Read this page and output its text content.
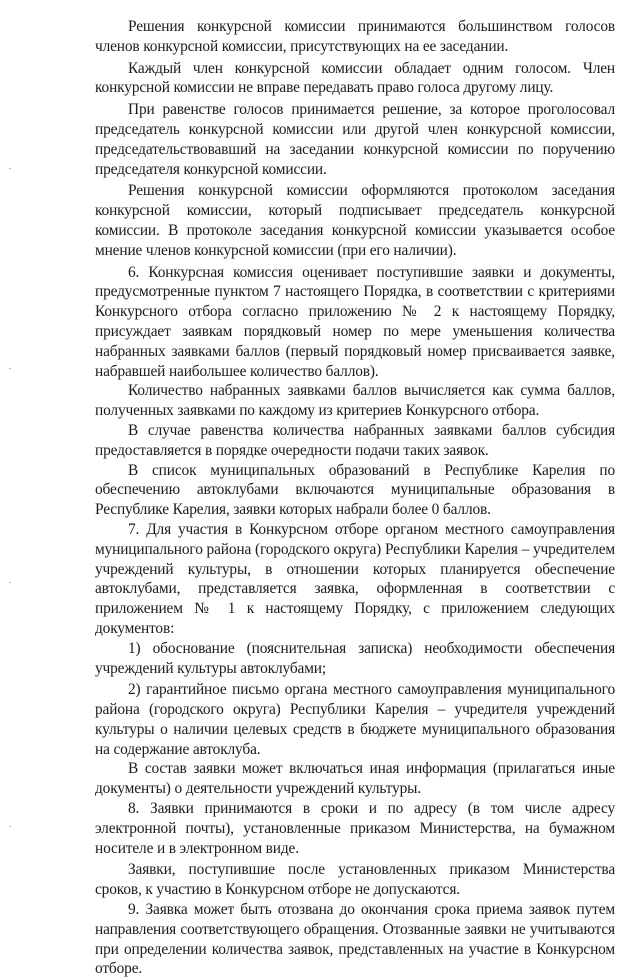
Решения конкурсной комиссии принимаются большинством голосов членов конкурсной комиссии, присутствующих на ее заседании.

Каждый член конкурсной комиссии обладает одним голосом. Член конкурсной комиссии не вправе передавать право голоса другому лицу.

При равенстве голосов принимается решение, за которое проголосовал председатель конкурсной комиссии или другой член конкурсной комиссии, председательствовавший на заседании конкурсной комиссии по поручению председателя конкурсной комиссии.

Решения конкурсной комиссии оформляются протоколом заседания конкурсной комиссии, который подписывает председатель конкурсной комиссии. В протоколе заседания конкурсной комиссии указывается особое мнение членов конкурсной комиссии (при его наличии).

6. Конкурсная комиссия оценивает поступившие заявки и документы, предусмотренные пунктом 7 настоящего Порядка, в соответствии с критериями Конкурсного отбора согласно приложению № 2 к настоящему Порядку, присуждает заявкам порядковый номер по мере уменьшения количества набранных заявками баллов (первый порядковый номер присваивается заявке, набравшей наибольшее количество баллов).

Количество набранных заявками баллов вычисляется как сумма баллов, полученных заявками по каждому из критериев Конкурсного отбора.

В случае равенства количества набранных заявками баллов субсидия предоставляется в порядке очередности подачи таких заявок.

В список муниципальных образований в Республике Карелия по обеспечению автоклубами включаются муниципальные образования в Республике Карелия, заявки которых набрали более 0 баллов.

7. Для участия в Конкурсном отборе органом местного самоуправления муниципального района (городского округа) Республики Карелия – учредителем учреждений культуры, в отношении которых планируется обеспечение автоклубами, представляется заявка, оформленная в соответствии с приложением № 1 к настоящему Порядку, с приложением следующих документов:

1) обоснование (пояснительная записка) необходимости обеспечения учреждений культуры автоклубами;

2) гарантийное письмо органа местного самоуправления муниципального района (городского округа) Республики Карелия – учредителя учреждений культуры о наличии целевых средств в бюджете муниципального образования на содержание автоклуба.

В состав заявки может включаться иная информация (прилагаться иные документы) о деятельности учреждений культуры.

8. Заявки принимаются в сроки и по адресу (в том числе адресу электронной почты), установленные приказом Министерства, на бумажном носителе и в электронном виде.

Заявки, поступившие после установленных приказом Министерства сроков, к участию в Конкурсном отборе не допускаются.

9. Заявка может быть отозвана до окончания срока приема заявок путем направления соответствующего обращения. Отозванные заявки не учитываются при определении количества заявок, представленных на участие в Конкурсном отборе.
